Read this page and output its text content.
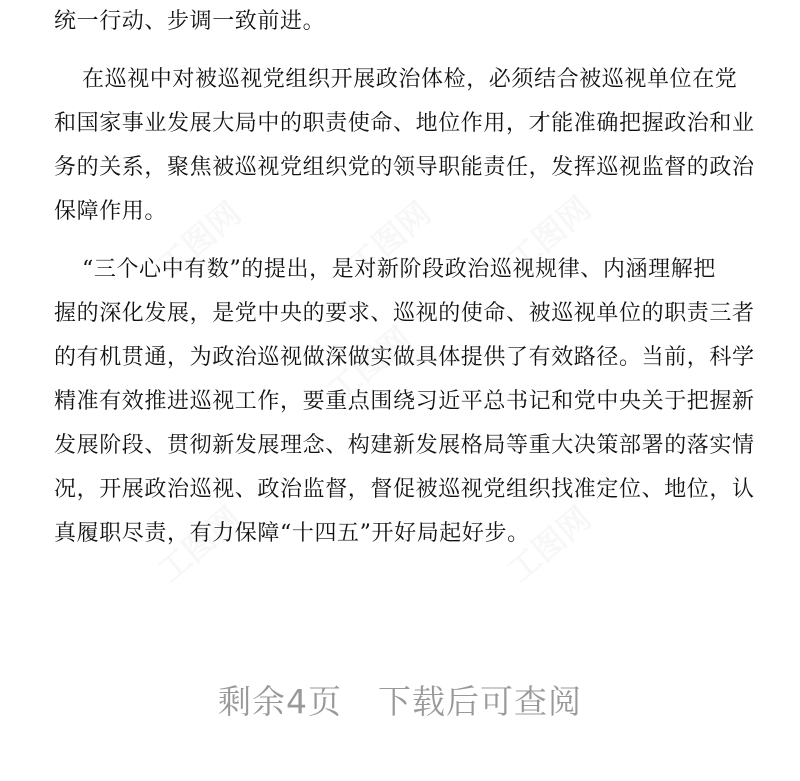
工图网	工图网 工图网
工图网
工图网	工图网
统一行动、步调一致前进。
在巡视中对被巡视党组织开展政治体检，必须结合被巡视单位在党
和国家事业发展大局中的职责使命、地位作用，才能准确把握政治和业
务的关系，聚焦被巡视党组织党的领导职能责任，发挥巡视监督的政治
保障作用。
“三个心中有数”的提出，是对新阶段政治巡视规律、内涵理解把
握的深化发展，是党中央的要求、巡视的使命、被巡视单位的职责三者
的有机贯通，为政治巡视做深做实做具体提供了有效路径。当前，科学
精准有效推进巡视工作，要重点围绕习近平总书记和党中央关于把握新
发展阶段、贯彻新发展理念、构建新发展格局等重大决策部署的落实情
况，开展政治巡视、政治监督，督促被巡视党组织找准定位、地位，认
真履职尽责，有力保障“十四五”开好局起好步。
剩余4页 下载后可查阅
